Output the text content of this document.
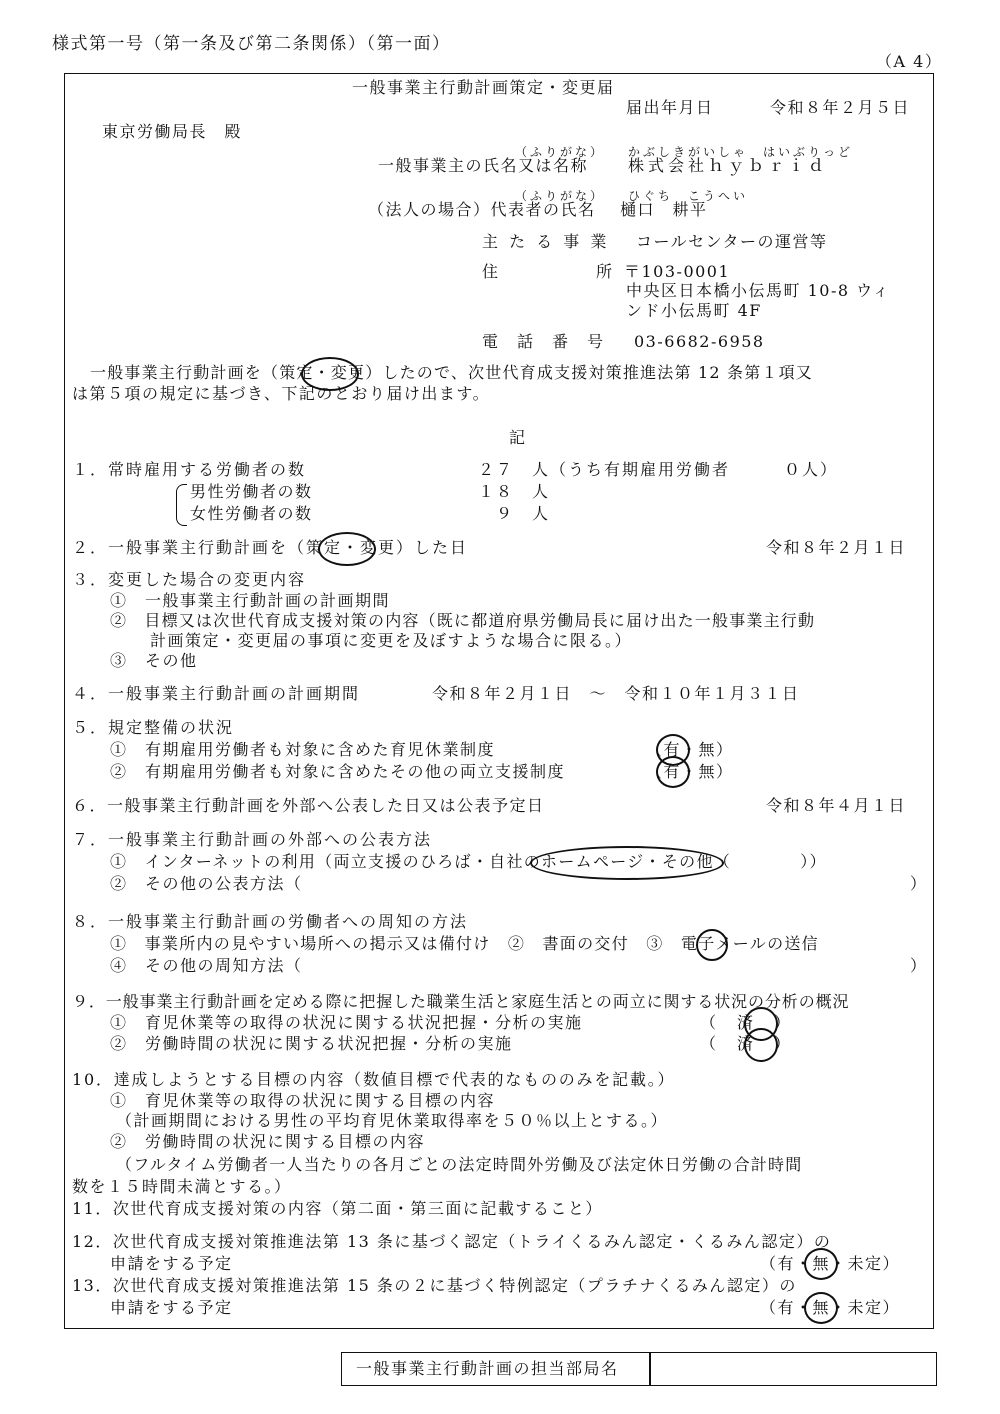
様式第一号（第一条及び第二条関係）（第一面）
（A 4）
一般事業主行動計画策定・変更届
届出年月日	令和８年２月５日
東京労働局長　殿
（ふりがな） かぶしきがいしゃ　はいぶりっど
一般事業主の氏名又は名称 株式会社ｈｙｂｒｉｄ
（ふりがな） ひぐち　こうへい
（法人の場合）代表者の氏名 樋口　耕平
主 た る 事 業 コールセンターの運営等
住	所 〒103-0001
中央区日本橋小伝馬町 10-8 ウィ
ンド小伝馬町 4F
電　話　番　号 03-6682-6958
一般事業主行動計画を（策定・変更）したので、次世代育成支援対策推進法第 12 条第１項又
は第５項の規定に基づき、下記のとおり届け出ます。
記
１．常時雇用する労働者の数	２７　人（うち有期雇用労働者　　　０人）
男性労働者の数	１８　人
女性労働者の数	９　人
２．一般事業主行動計画を（策定・変更）した日	令和８年２月１日
３．変更した場合の変更内容
①　一般事業主行動計画の計画期間
②　目標又は次世代育成支援対策の内容（既に都道府県労働局長に届け出た一般事業主行動
計画策定・変更届の事項に変更を及ぼすような場合に限る。）
③　その他
４．一般事業主行動計画の計画期間	令和８年２月１日　～　令和１０年１月３１日
５．規定整備の状況
①　有期雇用労働者も対象に含めた育児休業制度	（有・無）
②　有期雇用労働者も対象に含めたその他の両立支援制度	（有・無）
６．一般事業主行動計画を外部へ公表した日又は公表予定日	令和８年４月１日
７．一般事業主行動計画の外部への公表方法
①　インターネットの利用（両立支援のひろば・自社のホームページ・その他（　　　　））
②　その他の公表方法（	）
８．一般事業主行動計画の労働者への周知の方法
①　事業所内の見やすい場所への掲示又は備付け　②　書面の交付　③　電子メールの送信
④　その他の周知方法（	）
９．一般事業主行動計画を定める際に把握した職業生活と家庭生活との両立に関する状況の分析の概況
①　育児休業等の取得の状況に関する状況把握・分析の実施	（　済　）
②　労働時間の状況に関する状況把握・分析の実施	（　済　）
10．達成しようとする目標の内容（数値目標で代表的なもののみを記載。）
①　育児休業等の取得の状況に関する目標の内容
（計画期間における男性の平均育児休業取得率を５０％以上とする。）
②　労働時間の状況に関する目標の内容
（フルタイム労働者一人当たりの各月ごとの法定時間外労働及び法定休日労働の合計時間
数を１５時間未満とする。）
11．次世代育成支援対策の内容（第二面・第三面に記載すること）
12．次世代育成支援対策推進法第 13 条に基づく認定（トライくるみん認定・くるみん認定）の
申請をする予定	（有・無・未定）
13．次世代育成支援対策推進法第 15 条の２に基づく特例認定（プラチナくるみん認定）の
申請をする予定	（有・無・未定）
一般事業主行動計画の担当部局名
